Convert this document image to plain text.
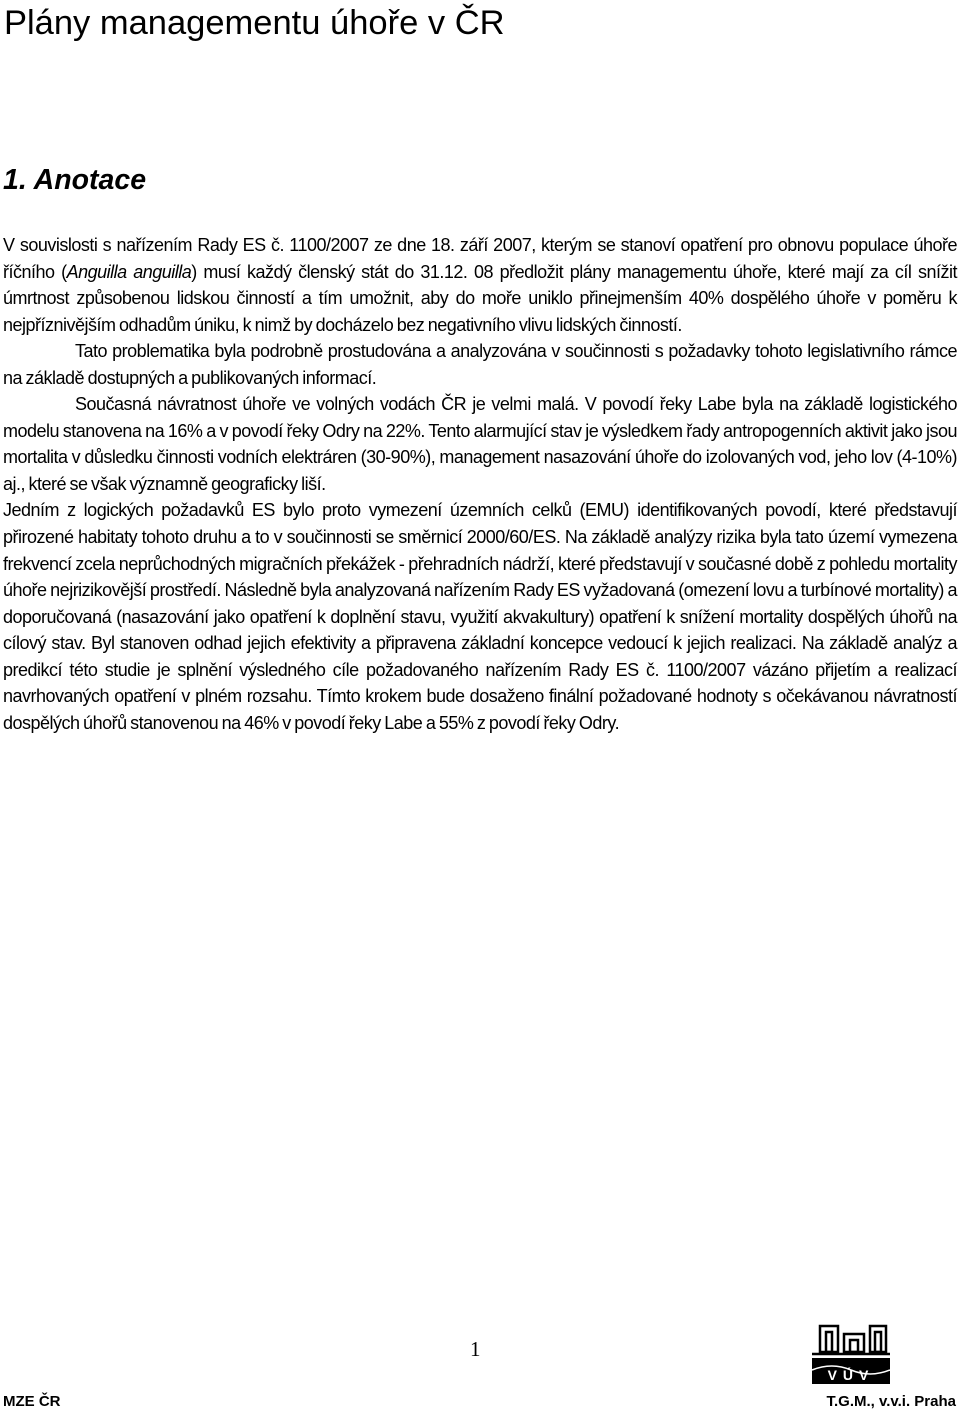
Plány managementu úhoře v ČR
1. Anotace

V souvislosti s nařízením Rady ES č. 1100/2007 ze dne 18. září 2007, kterým se stanoví opatření pro obnovu populace úhoře říčního (Anguilla anguilla) musí každý členský stát do 31.12. 08 předložit plány managementu úhoře, které mají za cíl snížit úmrtnost způsobenou lidskou činností a tím umožnit, aby do moře uniklo přinejmenším 40% dospělého úhoře v poměru k nejpříznivějším odhadům úniku, k nimž by docházelo bez negativního vlivu lidských činností.

Tato problematika byla podrobně prostudována a analyzována v součinnosti s požadavky tohoto legislativního rámce na základě dostupných a publikovaných informací.

Současná návratnost úhoře ve volných vodách ČR je velmi malá. V povodí řeky Labe byla na základě logistického modelu stanovena na 16% a v povodí řeky Odry na 22%. Tento alarmující stav je výsledkem řady antropogenních aktivit jako jsou mortalita v důsledku činnosti vodních elektráren (30-90%), management nasazování úhoře do izolovaných vod, jeho lov (4-10%) aj., které se však významně geograficky liší.

Jedním z logických požadavků ES bylo proto vymezení územních celků (EMU) identifikovaných povodí, které představují přirozené habitaty tohoto druhu a to v součinnosti se směrnicí 2000/60/ES. Na základě analýzy rizika byla tato území vymezena frekvencí zcela neprůchodných migračních překážek - přehradních nádrží, které představují v současné době z pohledu mortality úhoře nejrizikovější prostředí. Následně byla analyzovaná nařízením Rady ES vyžadovaná (omezení lovu a turbínové mortality) a doporučovaná (nasazování jako opatření k doplnění stavu, využití akvakultury) opatření k snížení mortality dospělých úhořů na cílový stav. Byl stanoven odhad jejich efektivity a připravena základní koncepce vedoucí k jejich realizaci. Na základě analýz a predikcí této studie je splnění výsledného cíle požadovaného nařízením Rady ES č. 1100/2007 vázáno přijetím a realizací navrhovaných opatření v plném rozsahu. Tímto krokem bude dosaženo finální požadované hodnoty s očekávanou návratností dospělých úhořů stanovenou na 46% v povodí řeky Labe a 55% z povodí řeky Odry.

1
VÚV
MZE ČR	T.G.M., v.v.i. Praha
